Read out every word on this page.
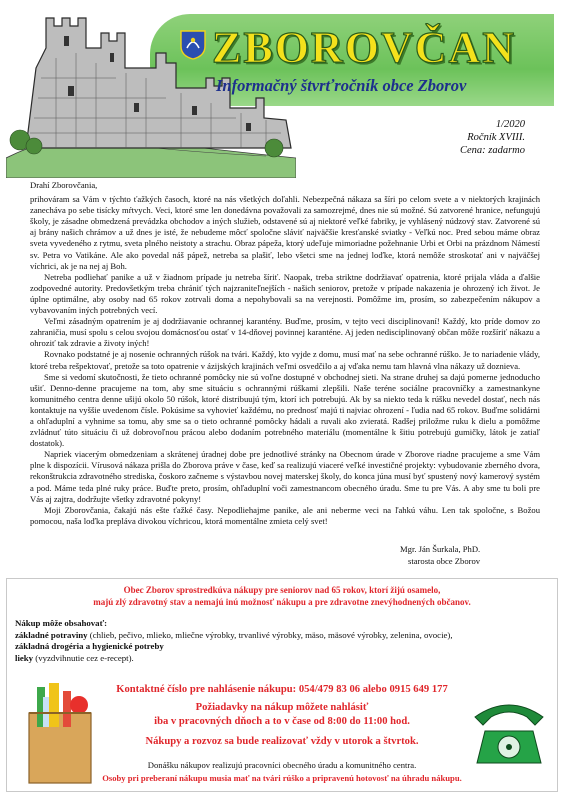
ZBOROVČAN
Informačný štvrťročník obce Zborov
1/2020
Ročník XVIII.
Cena: zadarmo

Drahí Zborovčania,

prihováram sa Vám v týchto ťažkých časoch, ktoré na nás všetkých doľahli. Nebezpečná nákaza sa šíri po celom svete a v niektorých krajinách zanecháva po sebe tisícky mŕtvych. Veci, ktoré sme len donedávna považovali za samozrejmé, dnes nie sú možné. Sú zatvorené hranice, nefungujú školy, je zásadne obmedzená prevádzka obchodov a iných služieb, odstavené sú aj niektoré veľké fabriky, je vyhlásený núdzový stav. Zatvorené sú aj brány našich chrámov a už dnes je isté, že nebudeme môcť spoločne sláviť najväčšie kresťanské sviatky - Veľkú noc. Pred sebou máme obraz sveta vyvedeného z rytmu, sveta plného neistoty a strachu. Obraz pápeža, ktorý udeľuje mimoriadne požehnanie Urbi et Orbi na prázdnom Námestí sv. Petra vo Vatikáne. Ale ako povedal náš pápež, netreba sa plašiť, lebo všetci sme na jednej loďke, ktorá nemôže stroskotať ani v najväčšej víchrici, ak je na nej aj Boh.

Netreba podliehať panike a už v žiadnom prípade ju netreba šíriť. Naopak, treba striktne dodržiavať opatrenia, ktoré prijala vláda a ďalšie zodpovedné autority. Predovšetkým treba chrániť tých najzraniteľnejších - našich seniorov, pretože v prípade nakazenia je ohrozený ich život. Je úplne optimálne, aby osoby nad 65 rokov zotrvali doma a nepohybovali sa na verejnosti. Pomôžme im, prosím, so zabezpečením nákupov a vybavovaním iných potrebných vecí.

Veľmi zásadným opatrením je aj dodržiavanie ochrannej karantény. Buďme, prosím, v tejto veci disciplinovaní! Každý, kto príde domov zo zahraničia, musí spolu s celou svojou domácnosťou ostať v 14-dňovej povinnej karanténe. Aj jeden nedisciplinovaný občan môže rozšíriť nákazu a ohroziť tak zdravie a životy iných!

Rovnako podstatné je aj nosenie ochranných rúšok na tvári. Každý, kto vyjde z domu, musí mať na sebe ochranné rúško. Je to nariadenie vlády, ktoré treba rešpektovať, pretože sa toto opatrenie v ázijských krajinách veľmi osvedčilo a aj vďaka nemu tam hlavná vlna nákazy už doznieva.

Sme si vedomí skutočnosti, že tieto ochranné pomôcky nie sú voľne dostupné v obchodnej sieti. Na strane druhej sa dajú pomerne jednoducho ušiť. Denno-denne pracujeme na tom, aby sme situáciu s ochrannými rúškami zlepšili. Naše teréne sociálne pracovníčky a zamestnankyne komunitného centra denne ušijú okolo 50 rúšok, ktoré distribuujú tým, ktorí ich potrebujú. Ak by sa niekto teda k rúšku nevedel dostať, nech nás kontaktuje na vyššie uvedenom čísle. Pokúsime sa vyhovieť každému, no prednosť majú ti najviac ohrození - ľudia nad 65 rokov. Buďme solidárni a ohľaduplní a vyhnime sa tomu, aby sme sa o tieto ochranné pomôcky hádali a ruvali ako zvieratá. Radšej priložme ruku k dielu a pomôžme zvládnuť túto situáciu či už dobrovoľnou prácou alebo dodaním potrebného materiálu (momentálne k šitiu potrebujú gumičky, látok je zatiaľ dostatok).

Napriek viacerým obmedzeniam a skrátenej úradnej dobe pre jednotlivé stránky na Obecnom úrade v Zborove riadne pracujeme a sme Vám plne k dispozícii. Vírusová nákaza prišla do Zborova práve v čase, keď sa realizujú viaceré veľké investičné projekty: vybudovanie zberného dvora, rekonštrukcia zdravotného strediska, čoskoro začneme s výstavbou novej materskej školy, do konca júna musí byť spustený nový kamerový systém a pod. Máme teda plné ruky práce. Buďte preto, prosím, ohľaduplní voči zamestnancom obecného úradu. Sme tu pre Vás. A aby sme tu boli pre Vás aj zajtra, dodržujte všetky zdravotné pokyny!

Moji Zborovčania, čakajú nás ešte ťažké časy. Nepodliehajme panike, ale ani neberme veci na ľahkú váhu. Len tak spoločne, s Božou pomocou, naša loďka prepláva divokou víchricou, ktorá momentálne zmieta celý svet!

Mgr. Ján Šurkala, PhD.
starosta obce Zborov
Obec Zborov sprostredkúva nákupy pre seniorov nad 65 rokov, ktorí žijú osamelo,
majú zlý zdravotný stav a nemajú inú možnosť nákupu a pre zdravotne znevýhodnených občanov.
Nákup môže obsahovať:
základné potraviny (chlieb, pečivo, mlieko, mliečne výrobky, trvanlivé výrobky, mäso, mäsové výrobky, zelenina, ovocie),
základná drogéria a hygienické potreby
lieky (vyzdvihnutie cez e-recept).
Kontaktné číslo pre nahlásenie nákupu: 054/479 83 06 alebo 0915 649 177
Požiadavky na nákup môžete nahlásiť
iba v pracovných dňoch a to v čase od 8:00 do 11:00 hod.
Nákupy a rozvoz sa bude realizovať vždy v utorok a štvrtok.
Donášku nákupov realizujú pracovníci obecného úradu a komunitného centra.
Osoby pri preberaní nákupu musia mať na tvári rúško a pripravenú hotovosť na úhradu nákupu.
